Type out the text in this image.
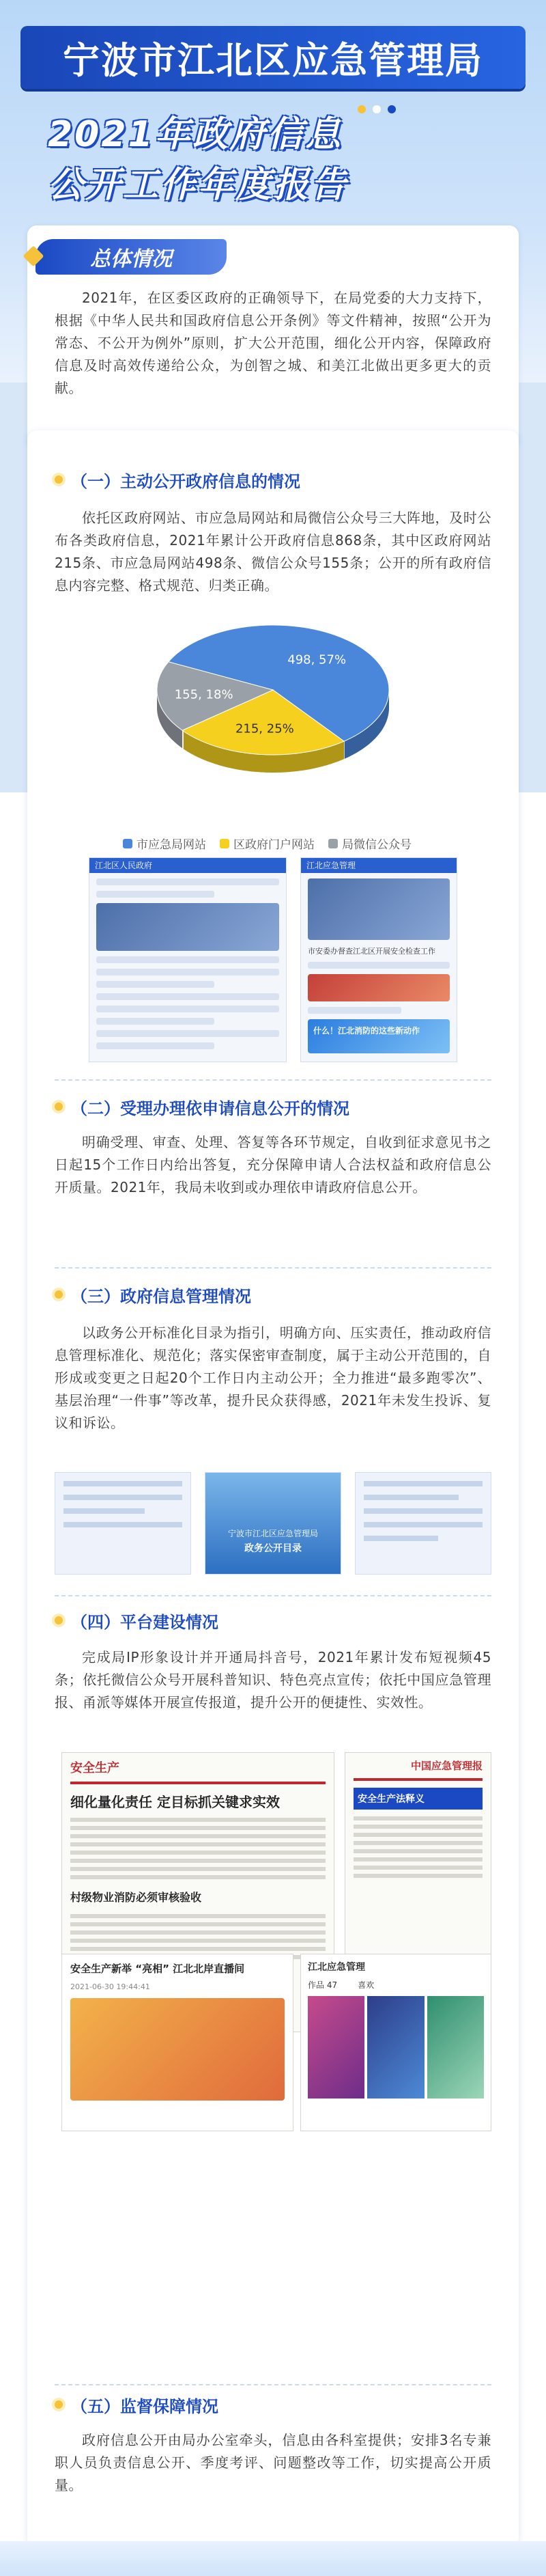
宁波市江北区应急管理局
2021年政府信息
公开工作年度报告
总体情况
2021年，在区委区政府的正确领导下，在局党委的大力支持下，根据《中华人民共和国政府信息公开条例》等文件精神，按照“公开为常态、不公开为例外”原则，扩大公开范围，细化公开内容，保障政府信息及时高效传递给公众，为创智之城、和美江北做出更多更大的贡献。
（一）主动公开政府信息的情况
依托区政府网站、市应急局网站和局微信公众号三大阵地，及时公布各类政府信息，2021年累计公开政府信息868条，其中区政府网站215条、市应急局网站498条、微信公众号155条；公开的所有政府信息内容完整、格式规范、归类正确。
498, 57%
215, 25%
155, 18%
市应急局网站 区政府门户网站 局微信公众号
江北区人民政府	江北应急管理
市安委办督查江北区开展安全检查工作
什么！江北消防的这些新动作
（二）受理办理依申请信息公开的情况
明确受理、审查、处理、答复等各环节规定，自收到征求意见书之日起15个工作日内给出答复，充分保障申请人合法权益和政府信息公开质量。2021年，我局未收到或办理依申请政府信息公开。
（三）政府信息管理情况
以政务公开标准化目录为指引，明确方向、压实责任，推动政府信息管理标准化、规范化；落实保密审查制度，属于主动公开范围的，自形成或变更之日起20个工作日内主动公开；全力推进“最多跑零次”、基层治理“一件事”等改革，提升民众获得感，2021年未发生投诉、复议和诉讼。
宁波市江北区应急管理局
政务公开目录
（四）平台建设情况
完成局IP形象设计并开通局抖音号，2021年累计发布短视频45条；依托微信公众号开展科普知识、特色亮点宣传；依托中国应急管理报、甬派等媒体开展宣传报道，提升公开的便捷性、实效性。
安全生产
细化量化责任 定目标抓关键求实效
村级物业消防必须审核验收
中国应急管理报
安全生产法释义
安全生产新举 “亮相” 江北北岸直播间
2021-06-30 19:44:41
江北应急管理
作品 47	喜欢
（五）监督保障情况
政府信息公开由局办公室牵头，信息由各科室提供；安排3名专兼职人员负责信息公开、季度考评、问题整改等工作，切实提高公开质量。
